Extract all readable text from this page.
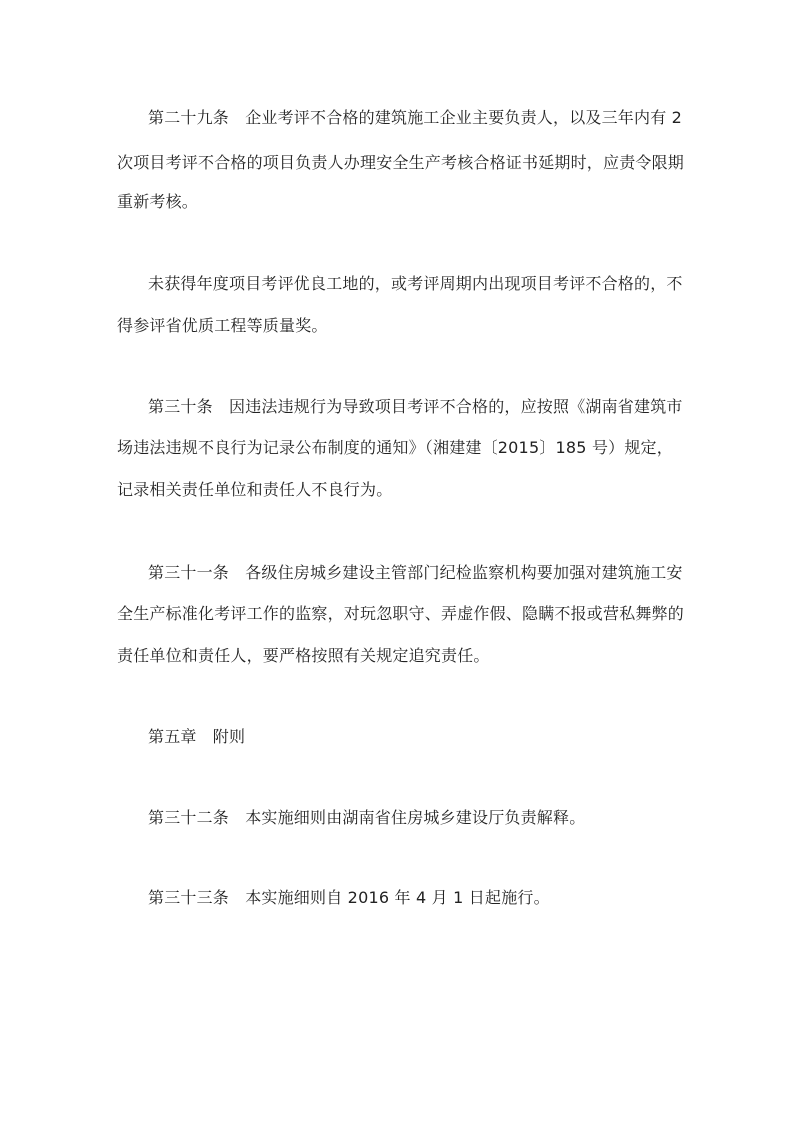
第二十九条　企业考评不合格的建筑施工企业主要负责人，以及三年内有 2
次项目考评不合格的项目负责人办理安全生产考核合格证书延期时，应责令限期
重新考核。
未获得年度项目考评优良工地的，或考评周期内出现项目考评不合格的，不
得参评省优质工程等质量奖。
第三十条　因违法违规行为导致项目考评不合格的，应按照《湖南省建筑市
场违法违规不良行为记录公布制度的通知》（湘建建〔2015〕185 号）规定，
记录相关责任单位和责任人不良行为。
第三十一条　各级住房城乡建设主管部门纪检监察机构要加强对建筑施工安
全生产标准化考评工作的监察，对玩忽职守、弄虚作假、隐瞒不报或营私舞弊的
责任单位和责任人，要严格按照有关规定追究责任。
第五章　附则
第三十二条　本实施细则由湖南省住房城乡建设厅负责解释。
第三十三条　本实施细则自 2016 年 4 月 1 日起施行。
